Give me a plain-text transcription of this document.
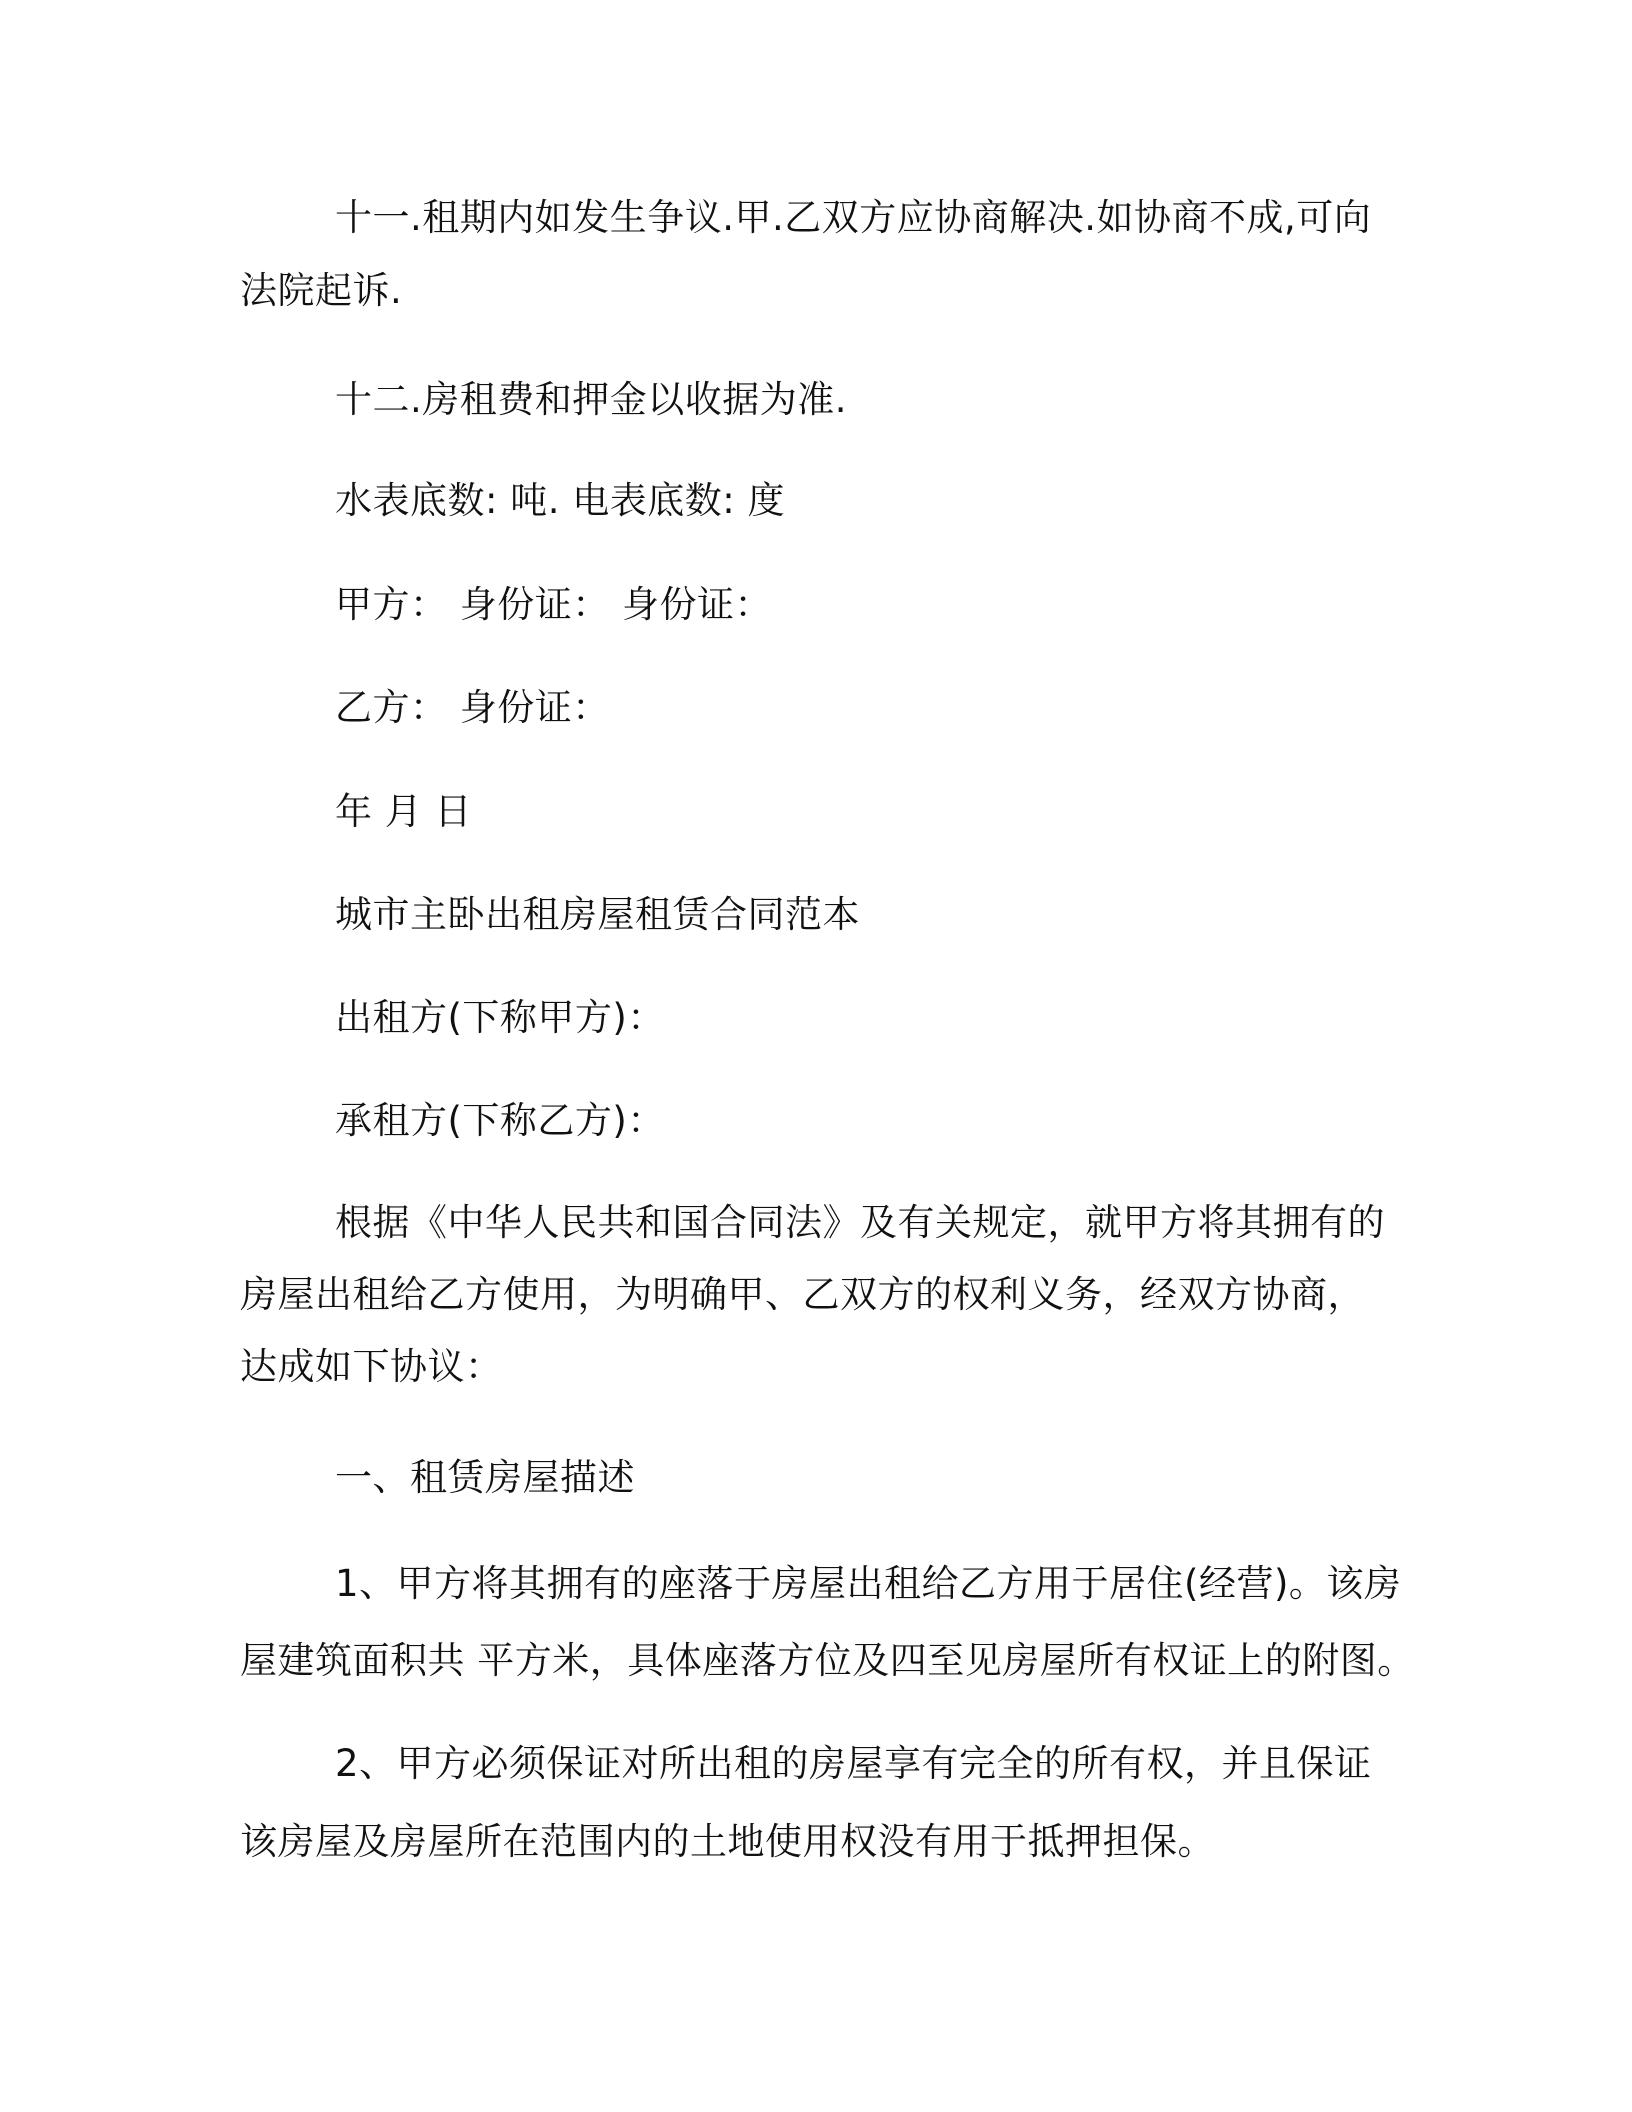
十一.租期内如发生争议.甲.乙双方应协商解决.如协商不成,可向
法院起诉.
十二.房租费和押金以收据为准.
水表底数: 吨. 电表底数: 度
甲方： 身份证： 身份证：
乙方： 身份证：
年 月 日
城市主卧出租房屋租赁合同范本
出租方(下称甲方)：
承租方(下称乙方)：
根据《中华人民共和国合同法》及有关规定，就甲方将其拥有的
房屋出租给乙方使用，为明确甲、乙双方的权利义务，经双方协商，
达成如下协议：
一、租赁房屋描述
1、甲方将其拥有的座落于房屋出租给乙方用于居住(经营)。该房
屋建筑面积共 平方米，具体座落方位及四至见房屋所有权证上的附图。
2、甲方必须保证对所出租的房屋享有完全的所有权，并且保证
该房屋及房屋所在范围内的土地使用权没有用于抵押担保。
